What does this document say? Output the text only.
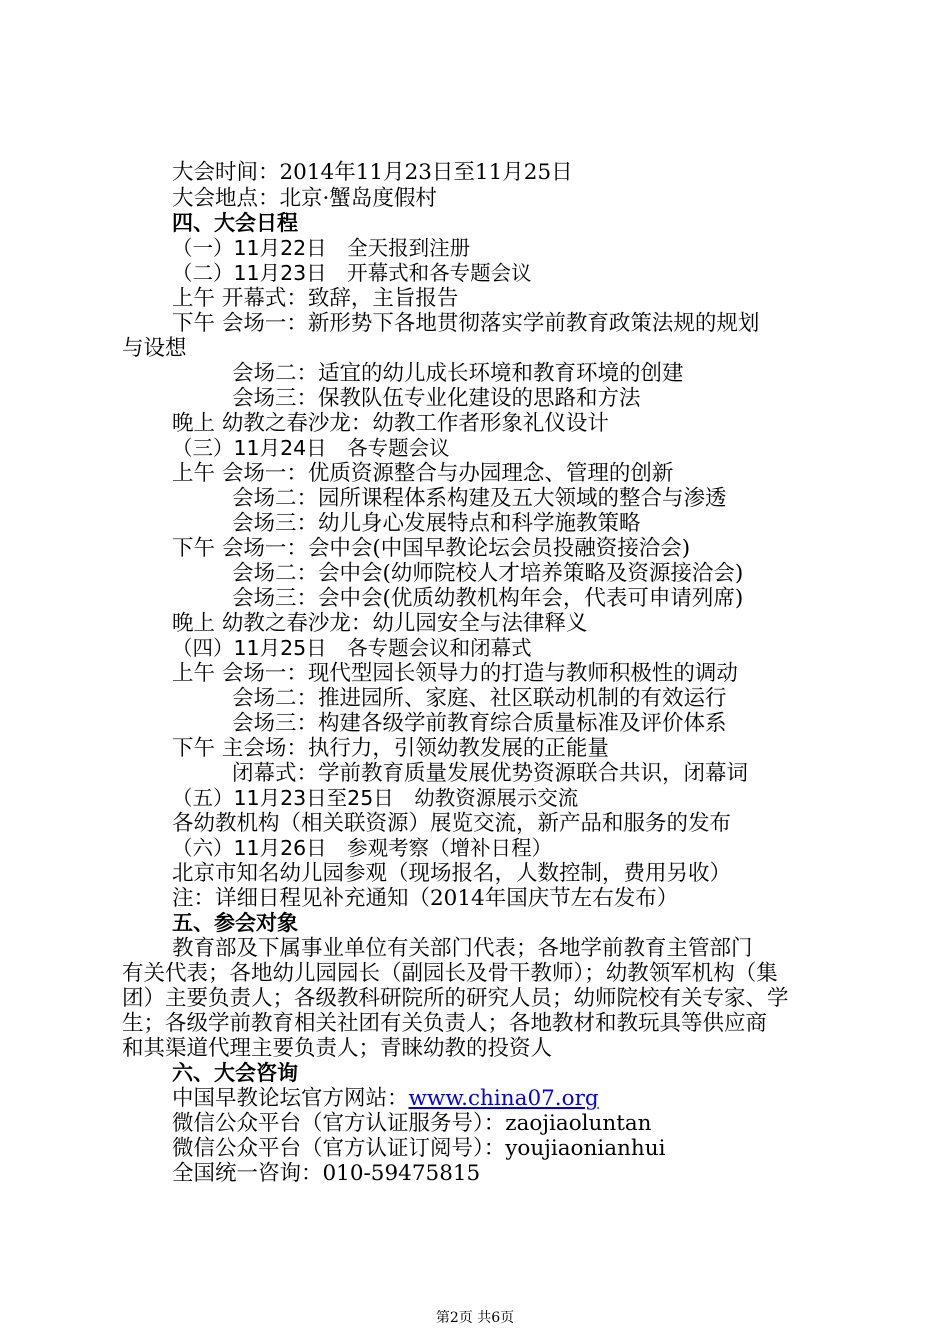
大会时间：2014年11月23日至11月25日
大会地点：北京·蟹岛度假村
四、大会日程
（一）11月22日　全天报到注册
（二）11月23日　开幕式和各专题会议
上午 开幕式：致辞，主旨报告
下午 会场一：新形势下各地贯彻落实学前教育政策法规的规划
与设想
会场二：适宜的幼儿成长环境和教育环境的创建
会场三：保教队伍专业化建设的思路和方法
晚上 幼教之春沙龙：幼教工作者形象礼仪设计
（三）11月24日　各专题会议
上午 会场一：优质资源整合与办园理念、管理的创新
会场二：园所课程体系构建及五大领域的整合与渗透
会场三：幼儿身心发展特点和科学施教策略
下午 会场一：会中会(中国早教论坛会员投融资接洽会)
会场二：会中会(幼师院校人才培养策略及资源接洽会)
会场三：会中会(优质幼教机构年会，代表可申请列席)
晚上 幼教之春沙龙：幼儿园安全与法律释义
（四）11月25日　各专题会议和闭幕式
上午 会场一：现代型园长领导力的打造与教师积极性的调动
会场二：推进园所、家庭、社区联动机制的有效运行
会场三：构建各级学前教育综合质量标准及评价体系
下午 主会场：执行力，引领幼教发展的正能量
闭幕式：学前教育质量发展优势资源联合共识，闭幕词
（五）11月23日至25日　幼教资源展示交流
各幼教机构（相关联资源）展览交流，新产品和服务的发布
（六）11月26日　参观考察（增补日程）
北京市知名幼儿园参观（现场报名，人数控制，费用另收）
注：详细日程见补充通知（2014年国庆节左右发布）
五、参会对象
教育部及下属事业单位有关部门代表；各地学前教育主管部门
有关代表；各地幼儿园园长（副园长及骨干教师）；幼教领军机构（集
团）主要负责人；各级教科研院所的研究人员；幼师院校有关专家、学
生；各级学前教育相关社团有关负责人；各地教材和教玩具等供应商
和其渠道代理主要负责人；青睐幼教的投资人
六、大会咨询
中国早教论坛官方网站：www.china07.org
微信公众平台（官方认证服务号）：zaojiaoluntan
微信公众平台（官方认证订阅号）：youjiaonianhui
全国统一咨询：010-59475815
第2页 共6页
